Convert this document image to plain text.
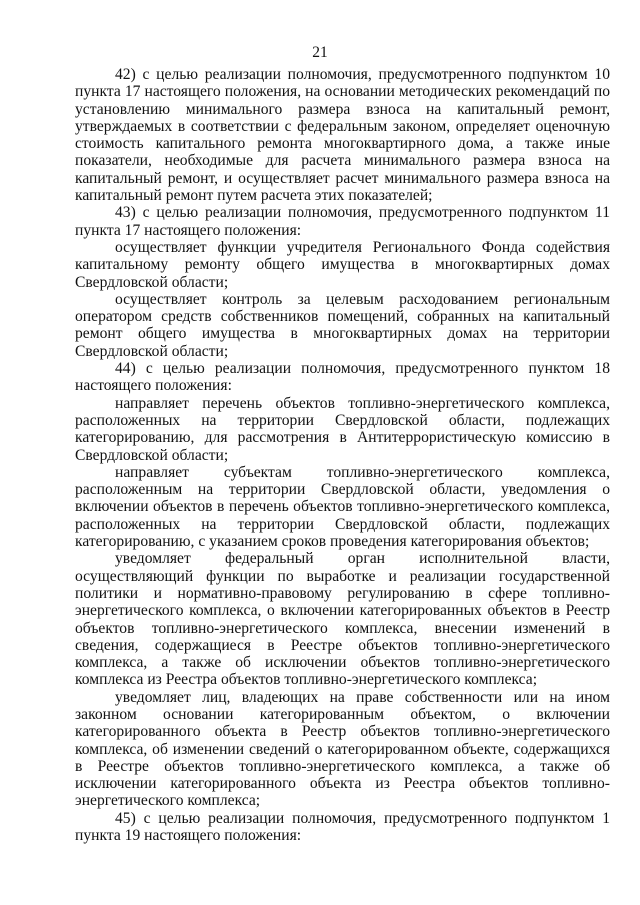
21

42) с целью реализации полномочия, предусмотренного подпунктом 10 пункта 17 настоящего положения, на основании методических рекомендаций по установлению минимального размера взноса на капитальный ремонт, утверждаемых в соответствии с федеральным законом, определяет оценочную стоимость капитального ремонта многоквартирного дома, а также иные показатели, необходимые для расчета минимального размера взноса на капитальный ремонт, и осуществляет расчет минимального размера взноса на капитальный ремонт путем расчета этих показателей;

43) с целью реализации полномочия, предусмотренного подпунктом 11 пункта 17 настоящего положения:

осуществляет функции учредителя Регионального Фонда содействия капитальному ремонту общего имущества в многоквартирных домах Свердловской области;

осуществляет контроль за целевым расходованием региональным оператором средств собственников помещений, собранных на капитальный ремонт общего имущества в многоквартирных домах на территории Свердловской области;

44) с целью реализации полномочия, предусмотренного пунктом 18 настоящего положения:

направляет перечень объектов топливно-энергетического комплекса, расположенных на территории Свердловской области, подлежащих категорированию, для рассмотрения в Антитеррористическую комиссию в Свердловской области;

направляет субъектам топливно-энергетического комплекса, расположенным на территории Свердловской области, уведомления о включении объектов в перечень объектов топливно-энергетического комплекса, расположенных на территории Свердловской области, подлежащих категорированию, с указанием сроков проведения категорирования объектов;

уведомляет федеральный орган исполнительной власти, осуществляющий функции по выработке и реализации государственной политики и нормативно-правовому регулированию в сфере топливно-энергетического комплекса, о включении категорированных объектов в Реестр объектов топливно-энергетического комплекса, внесении изменений в сведения, содержащиеся в Реестре объектов топливно-энергетического комплекса, а также об исключении объектов топливно-энергетического комплекса из Реестра объектов топливно-энергетического комплекса;

уведомляет лиц, владеющих на праве собственности или на ином законном основании категорированным объектом, о включении категорированного объекта в Реестр объектов топливно-энергетического комплекса, об изменении сведений о категорированном объекте, содержащихся в Реестре объектов топливно-энергетического комплекса, а также об исключении категорированного объекта из Реестра объектов топливно-энергетического комплекса;

45) с целью реализации полномочия, предусмотренного подпунктом 1 пункта 19 настоящего положения:
